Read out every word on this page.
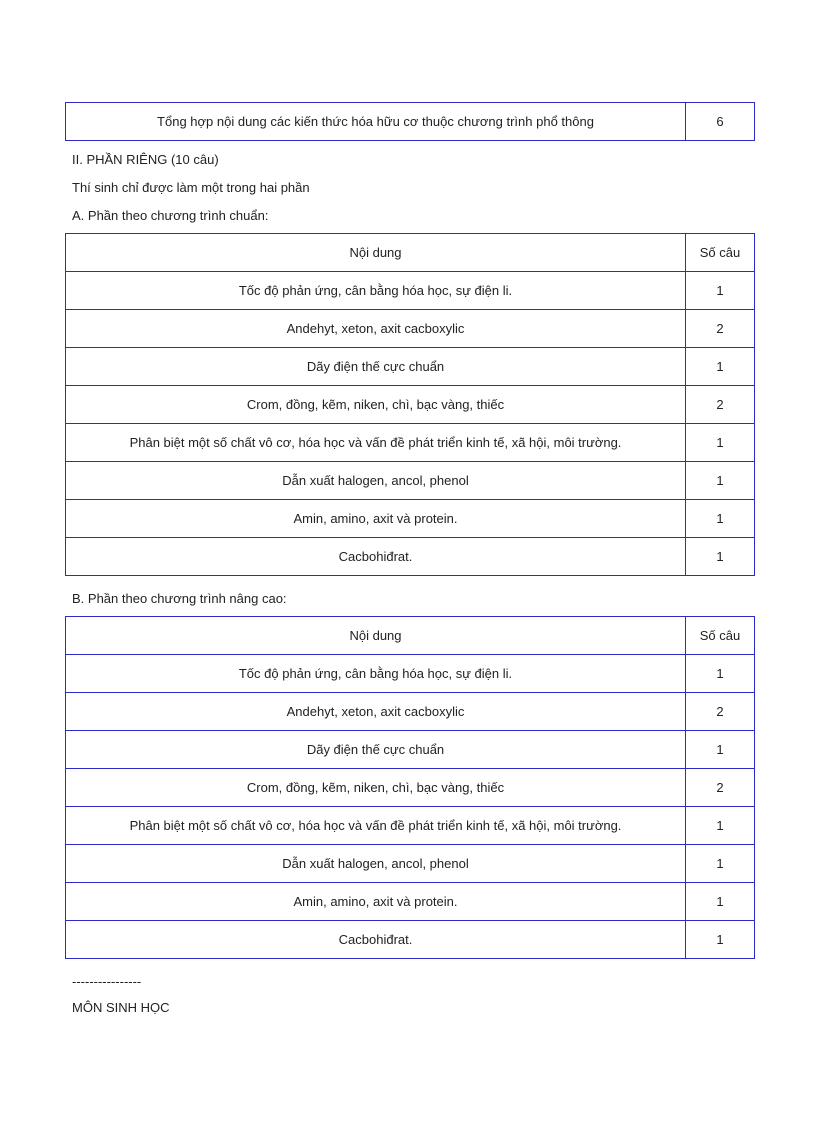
Tổng hợp nội dung các kiến thức hóa hữu cơ thuộc chương trình phổ thông	6
II. PHẦN RIÊNG (10 câu)
Thí sinh chỉ được làm một trong hai phần
A. Phần theo chương trình chuẩn:
Nội dung	Số câu
Tốc độ phản ứng, cân bằng hóa học, sự điện li.	1
Andehyt, xeton, axit cacboxylic	2
Dãy điện thế cực chuẩn	1
Crom, đồng, kẽm, niken, chì, bạc vàng, thiếc	2
Phân biệt một số chất vô cơ, hóa học và vấn đề phát triển kinh tế, xã hội, môi trường.	1
Dẫn xuất halogen, ancol, phenol	1
Amin, amino, axit và protein.	1
Cacbohiđrat.	1
B. Phần theo chương trình nâng cao:
Nội dung	Số câu
Tốc độ phản ứng, cân bằng hóa học, sự điện li.	1
Andehyt, xeton, axit cacboxylic	2
Dãy điện thế cực chuẩn	1
Crom, đồng, kẽm, niken, chì, bạc vàng, thiếc	2
Phân biệt một số chất vô cơ, hóa học và vấn đề phát triển kinh tế, xã hội, môi trường.	1
Dẫn xuất halogen, ancol, phenol	1
Amin, amino, axit và protein.	1
Cacbohiđrat.	1
----------------
MÔN SINH HỌC
